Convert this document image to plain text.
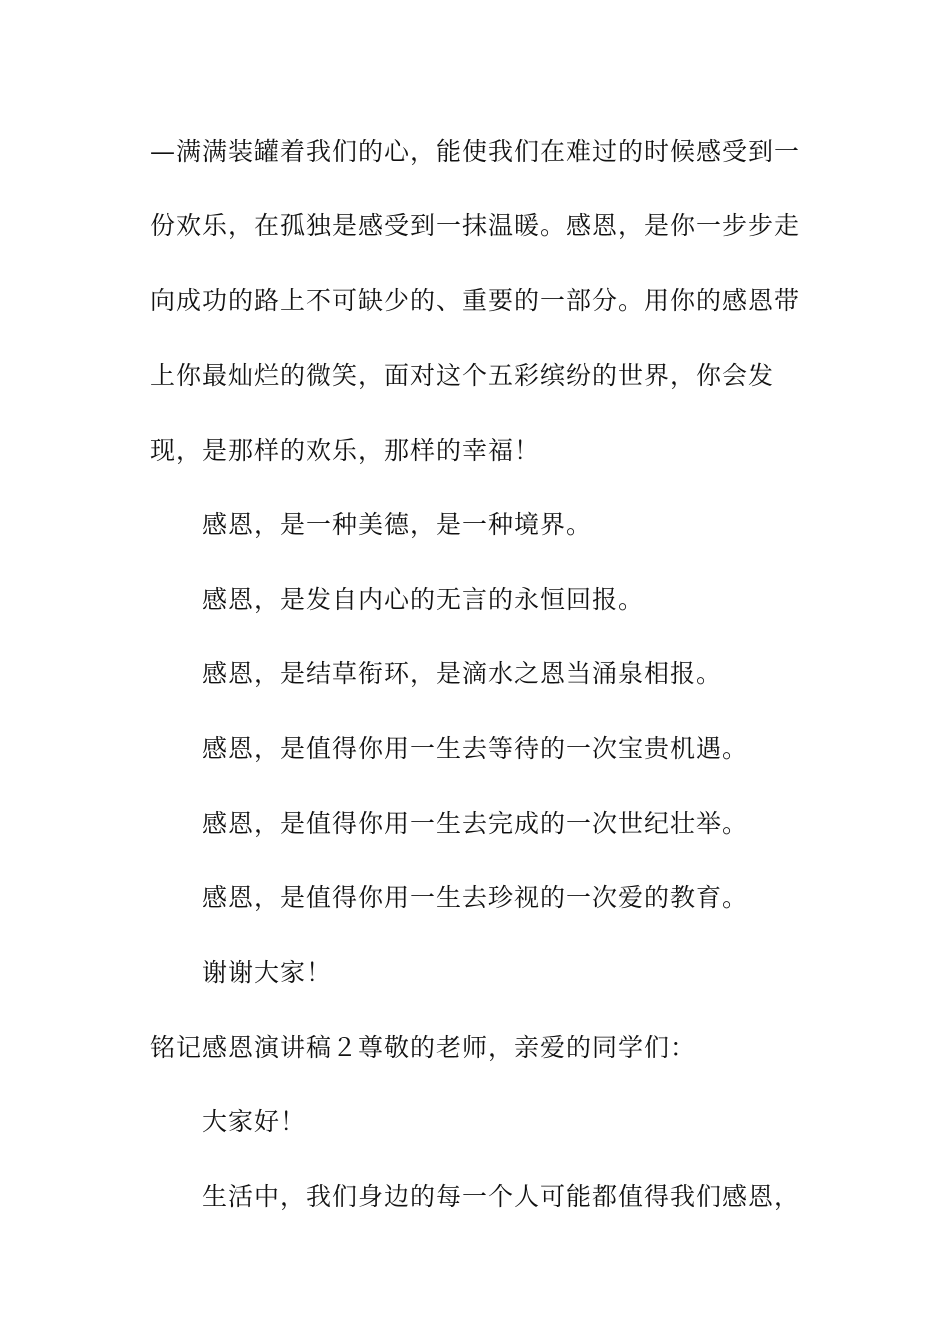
—满满装罐着我们的心，能使我们在难过的时候感受到一
份欢乐，在孤独是感受到一抹温暖。感恩，是你一步步走
向成功的路上不可缺少的、重要的一部分。用你的感恩带
上你最灿烂的微笑，面对这个五彩缤纷的世界，你会发
现，是那样的欢乐，那样的幸福！
感恩，是一种美德，是一种境界。
感恩，是发自内心的无言的永恒回报。
感恩，是结草衔环，是滴水之恩当涌泉相报。
感恩，是值得你用一生去等待的一次宝贵机遇。
感恩，是值得你用一生去完成的一次世纪壮举。
感恩，是值得你用一生去珍视的一次爱的教育。
谢谢大家！
铭记感恩演讲稿２尊敬的老师，亲爱的同学们：
大家好！
生活中，我们身边的每一个人可能都值得我们感恩，
